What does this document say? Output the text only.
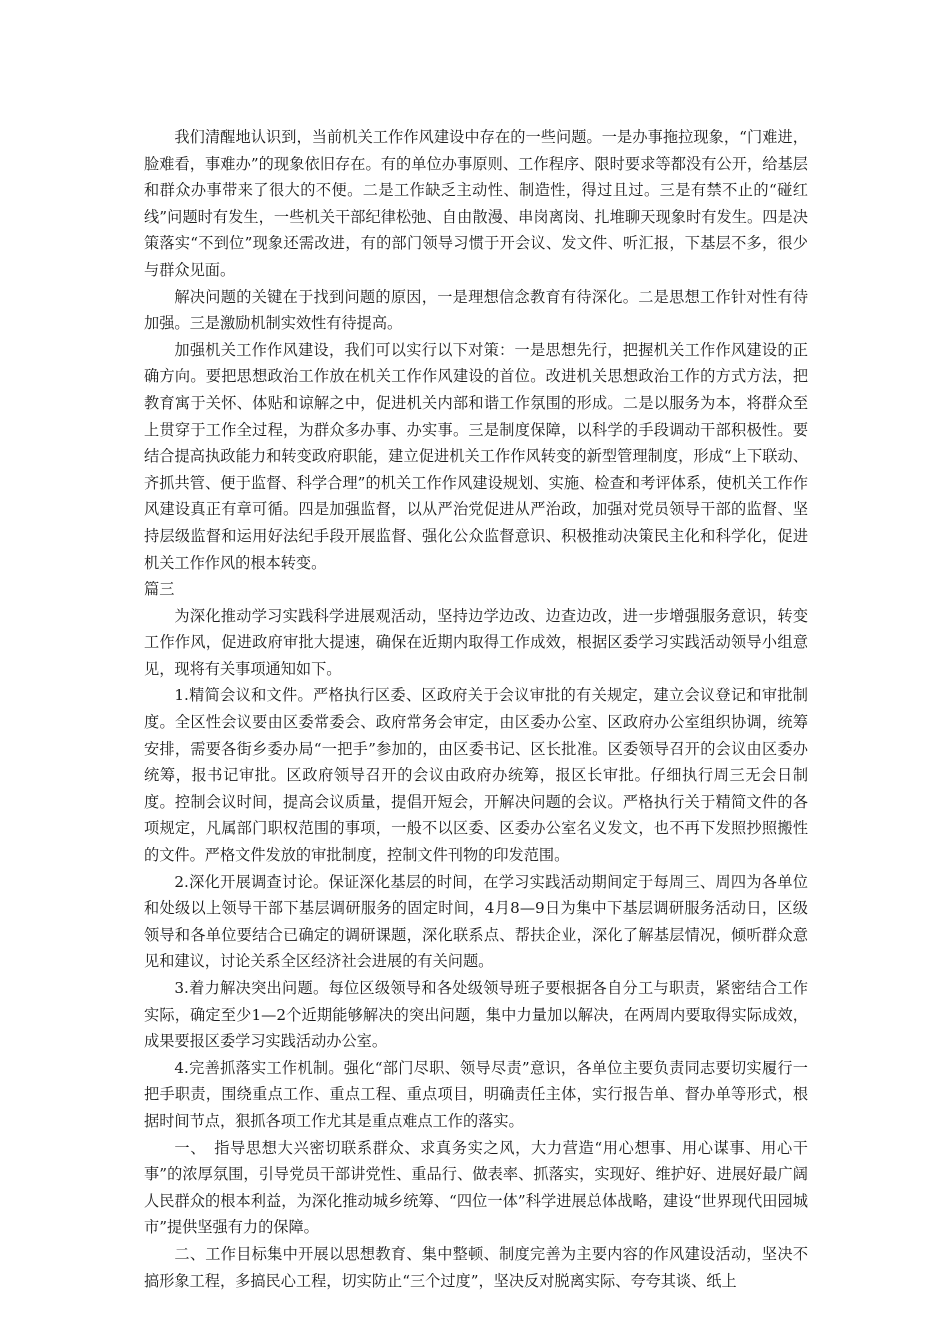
我们清醒地认识到，当前机关工作作风建设中存在的一些问题。一是办事拖拉现象，“门难进，脸难看，事难办”的现象依旧存在。有的单位办事原则、工作程序、限时要求等都没有公开，给基层和群众办事带来了很大的不便。二是工作缺乏主动性、制造性，得过且过。三是有禁不止的“碰红线”问题时有发生，一些机关干部纪律松弛、自由散漫、串岗离岗、扎堆聊天现象时有发生。四是决策落实“不到位”现象还需改进，有的部门领导习惯于开会议、发文件、听汇报，下基层不多，很少与群众见面。

解决问题的关键在于找到问题的原因，一是理想信念教育有待深化。二是思想工作针对性有待加强。三是激励机制实效性有待提高。

加强机关工作作风建设，我们可以实行以下对策：一是思想先行，把握机关工作作风建设的正确方向。要把思想政治工作放在机关工作作风建设的首位。改进机关思想政治工作的方式方法，把教育寓于关怀、体贴和谅解之中，促进机关内部和谐工作氛围的形成。二是以服务为本，将群众至上贯穿于工作全过程，为群众多办事、办实事。三是制度保障，以科学的手段调动干部积极性。要结合提高执政能力和转变政府职能，建立促进机关工作作风转变的新型管理制度，形成“上下联动、齐抓共管、便于监督、科学合理”的机关工作作风建设规划、实施、检查和考评体系，使机关工作作风建设真正有章可循。四是加强监督，以从严治党促进从严治政，加强对党员领导干部的监督、坚持层级监督和运用好法纪手段开展监督、强化公众监督意识、积极推动决策民主化和科学化，促进机关工作作风的根本转变。

篇三

为深化推动学习实践科学进展观活动，坚持边学边改、边查边改，进一步增强服务意识，转变工作作风，促进政府审批大提速，确保在近期内取得工作成效，根据区委学习实践活动领导小组意见，现将有关事项通知如下。

1.精简会议和文件。严格执行区委、区政府关于会议审批的有关规定，建立会议登记和审批制度。全区性会议要由区委常委会、政府常务会审定，由区委办公室、区政府办公室组织协调，统筹安排，需要各街乡委办局“一把手”参加的，由区委书记、区长批准。区委领导召开的会议由区委办统筹，报书记审批。区政府领导召开的会议由政府办统筹，报区长审批。仔细执行周三无会日制度。控制会议时间，提高会议质量，提倡开短会，开解决问题的会议。严格执行关于精简文件的各项规定，凡属部门职权范围的事项，一般不以区委、区委办公室名义发文，也不再下发照抄照搬性的文件。严格文件发放的审批制度，控制文件刊物的印发范围。

2.深化开展调查讨论。保证深化基层的时间，在学习实践活动期间定于每周三、周四为各单位和处级以上领导干部下基层调研服务的固定时间，4月8—9日为集中下基层调研服务活动日，区级领导和各单位要结合已确定的调研课题，深化联系点、帮扶企业，深化了解基层情况，倾听群众意见和建议，讨论关系全区经济社会进展的有关问题。

3.着力解决突出问题。每位区级领导和各处级领导班子要根据各自分工与职责，紧密结合工作实际，确定至少1—2个近期能够解决的突出问题，集中力量加以解决，在两周内要取得实际成效，成果要报区委学习实践活动办公室。

4.完善抓落实工作机制。强化“部门尽职、领导尽责”意识，各单位主要负责同志要切实履行一把手职责，围绕重点工作、重点工程、重点项目，明确责任主体，实行报告单、督办单等形式，根据时间节点，狠抓各项工作尤其是重点难点工作的落实。

一、　指导思想大兴密切联系群众、求真务实之风，大力营造“用心想事、用心谋事、用心干事”的浓厚氛围，引导党员干部讲党性、重品行、做表率、抓落实，实现好、维护好、进展好最广阔人民群众的根本利益，为深化推动城乡统筹、“四位一体”科学进展总体战略，建设“世界现代田园城市”提供坚强有力的保障。

二、工作目标集中开展以思想教育、集中整顿、制度完善为主要内容的作风建设活动，坚决不搞形象工程，多搞民心工程，切实防止“三个过度”，坚决反对脱离实际、夸夸其谈、纸上
